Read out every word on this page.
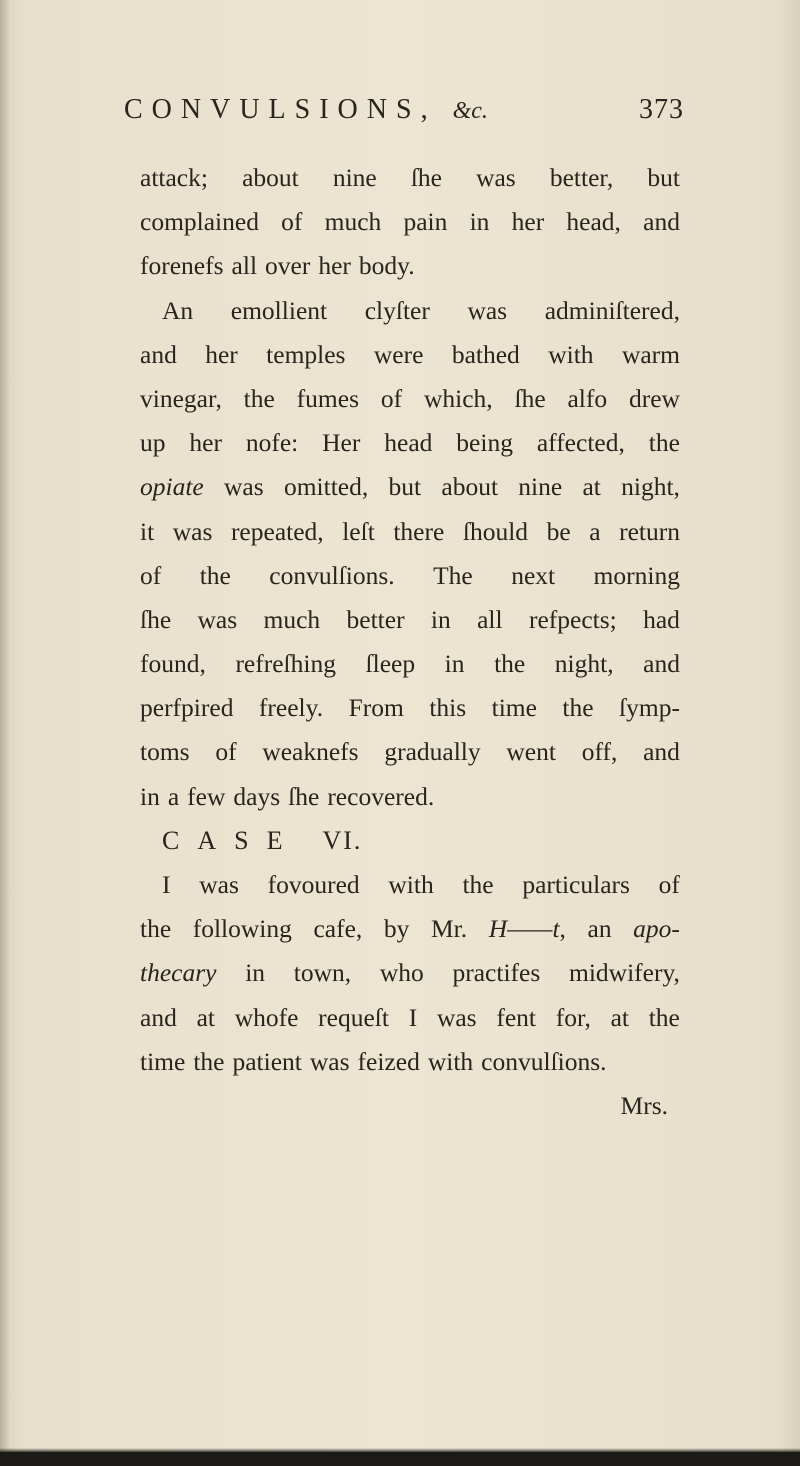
CONVULSIONS, &c.	373
attack; about nine ſhe was better, but
complained of much pain in her head, and
forenefs all over her body.
An emollient clyſter was adminiſtered,
and her temples were bathed with warm
vinegar, the fumes of which, ſhe alfo drew
up her nofe: Her head being affected, the
opiate was omitted, but about nine at night,
it was repeated, leſt there ſhould be a return
of the convulſions. The next morning
ſhe was much better in all refpects; had
found, refreſhing ſleep in the night, and
perfpired freely. From this time the ſymp-
toms of weaknefs gradually went off, and
in a few days ſhe recovered.
CASE VI.
I was fovoured with the particulars of
the following cafe, by Mr. H——t, an apo-
thecary in town, who practifes midwifery,
and at whofe requeſt I was fent for, at the
time the patient was feized with convulſions.
Mrs.
